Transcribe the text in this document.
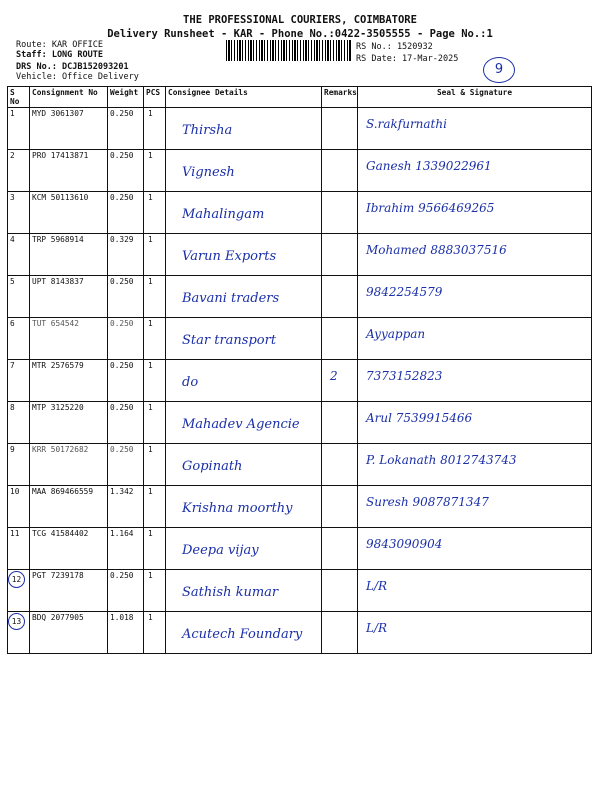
THE PROFESSIONAL COURIERS, COIMBATORE
Delivery Runsheet - KAR - Phone No.:0422-3505555 - Page No.:1
Route: KAR OFFICE
Staff: LONG ROUTE
DRS No.: DCJB152093201
Vehicle: Office Delivery
RS No.: 1520932
RS Date: 17-Mar-2025
9
S No	Consignment No	Weight	PCS	Consignee Details	Remarks	Seal & Signature
1	MYD 3061307	0.250	1	Thirsha		S.rakfurnathi

2	PRO 17413871	0.250	1	Vignesh		Ganesh 1339022961

3	KCM 50113610	0.250	1	Mahalingam		Ibrahim 9566469265

4	TRP 5968914	0.329	1	Varun Exports		Mohamed 8883037516

5	UPT 8143837	0.250	1	Bavani traders		9842254579

6	TUT 654542	0.250	1	Star transport		Ayyappan

7	MTR 2576579	0.250	1	do	2	7373152823

8	MTP 3125220	0.250	1	Mahadev Agencie		Arul 7539915466

9	KRR 50172682	0.250	1	Gopinath		P. Lokanath 8012743743

10	MAA 869466559	1.342	1	Krishna moorthy		Suresh 9087871347

11	TCG 41584402	1.164	1	Deepa vijay		9843090904

12	PGT 7239178	0.250	1	Sathish kumar		L/R

13	BDQ 2077905	1.018	1	Acutech Foundary		L/R
